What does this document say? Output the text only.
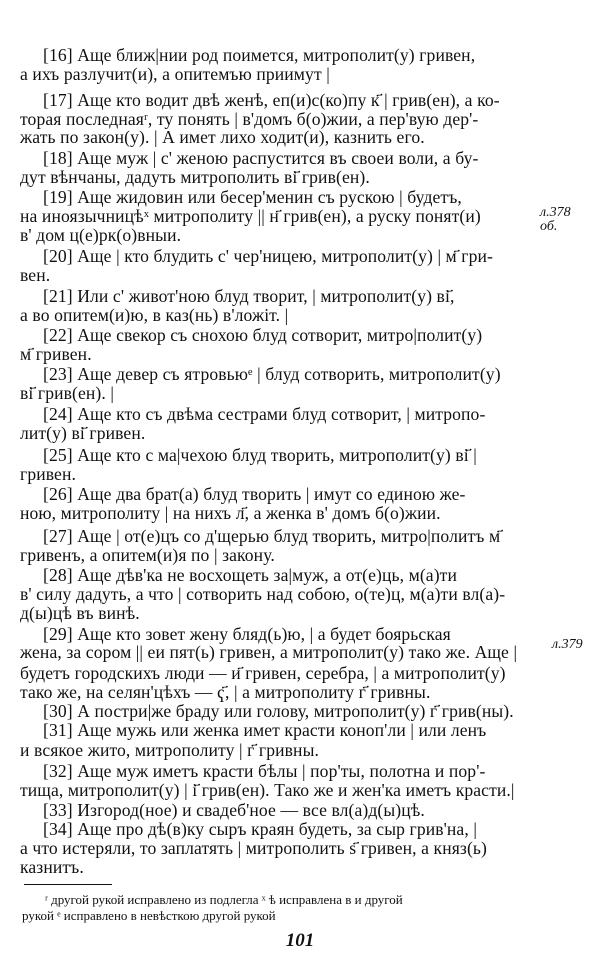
[16] Аще ближ|нии род поимется, митрополит(у) гривен,
а ихъ разлучит(и), а опитемъю приимут |
[17] Аще кто водит двѣ женѣ, еп(и)с(ко)пу к҃ | грив(ен), а ко-
торая последнаяʳ, ту понять | в'домъ б(о)жии, а пер'вую дер'-
жать по закон(у). | А имет лихо ходит(и), казнить его.
[18] Аще муж | с' женою распустится въ своеи воли, а бу-
дут вѣнчаны, дадуть митрополить ві҃ грив(ен).
[19] Аще жидовин или бесер'менин съ рускою | будетъ,
на иноязычницѣˣ митрополиту || н҃ грив(ен), а руску понят(и)
в' дом ц(е)рк(о)вныи.
[20] Аще | кто блудить с' чер'ницею, митрополит(у) | м҃ гри-
вен.
[21] Или с' живот'ною блуд творит, | митрополит(у) ві҃,
а во опитем(и)ю, в каз(нь) в'ложіт. |
[22] Аще свекор съ снохою блуд сотворит, митро|полит(у)
м҃ гривен.
[23] Аще девер съ ятровьюᵉ | блуд сотворить, митрополит(у)
ві҃ грив(ен). |
[24] Аще кто съ двѣма сестрами блуд сотворит, | митропо-
лит(у) ві҃ гривен.
[25] Аще кто с ма|чехою блуд творить, митрополит(у) ві҃ |
гривен.
[26] Аще два брат(а) блуд творить | имут со единою же-
ною, митрополиту | на нихъ л҃, а женка в' домъ б(о)жии.
[27] Аще | от(е)цъ со д'щерью блуд творить, митро|политъ м҃
гривенъ, а опитем(и)я по | закону.
[28] Аще дѣв'ка не восхощеть за|муж, а от(е)ць, м(а)ти
в' силу дадуть, а что | сотворить над собою, о(те)ц, м(а)ти вл(а)-
д(ы)цѣ въ винѣ.
[29] Аще кто зовет жену бляд(ь)ю, | а будет боярьская
жена, за сором || еи пят(ь) гривен, а митрополит(у) тако же. Аще |
будетъ городскихъ люди — и҃ гривен, серебра, | а митрополит(у)
тако же, на селян'цѣхъ — ҁ҃, | а митрополиту г҃ гривны.
[30] А постри|же браду или голову, митрополит(у) г҃ грив(ны).
[31] Аще мужь или женка имет красти коноп'ли | или ленъ
и всякое жито, митрополиту | г҃ гривны.
[32] Аще муж иметъ красти бѣлы | пор'ты, полотна и пор'-
тища, митрополит(у) | і҃ грив(ен). Тако же и жен'ка иметъ красти.|
[33] Изгород(ное) и свадеб'ное — все вл(а)д(ы)цѣ.
[34] Аще про дѣ(в)ку сыръ краян будеть, за сыр грив'на, |
а что истеряли, то заплатять | митрополить ѕ҃ гривен, а княз(ь)
казнитъ.
л.378
об.
л.379
ʳ другой рукой исправлено из подлегла ˣ ѣ исправлена в и другой
рукой ᵉ исправлено в невѣсткою другой рукой
101
